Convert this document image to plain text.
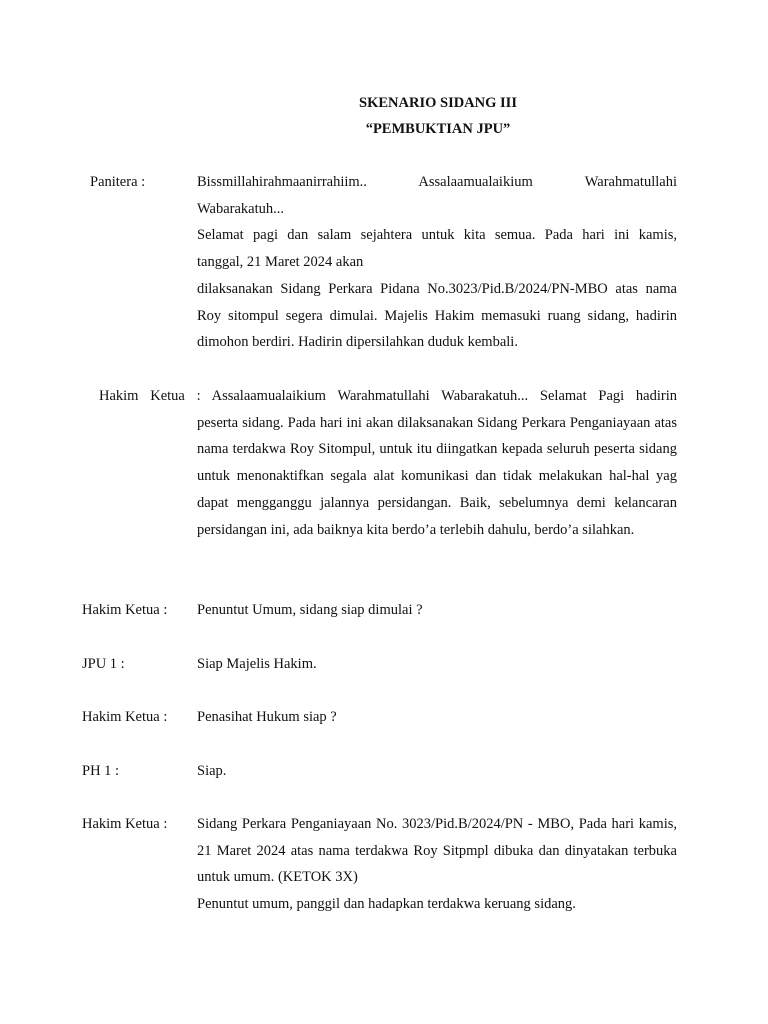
SKENARIO SIDANG III
“PEMBUKTIAN JPU”
Panitera :	Bissmillahirahmaanirrahiim.. Assalaamualaikium Warahmatullahi

Wabarakatuh...

Selamat pagi dan salam sejahtera untuk kita semua. Pada hari ini kamis,

tanggal, 21 Maret 2024 akan

dilaksanakan Sidang Perkara Pidana No.3023/Pid.B/2024/PN-MBO atas nama Roy sitompul segera dimulai. Majelis Hakim memasuki ruang sidang, hadirin dimohon berdiri. Hadirin dipersilahkan duduk kembali.

Hakim Ketua : Assalaamualaikium Warahmatullahi Wabarakatuh... Selamat Pagi hadirin
peserta sidang. Pada hari ini akan dilaksanakan Sidang Perkara Penganiayaan atas nama terdakwa Roy Sitompul, untuk itu diingatkan kepada seluruh peserta sidang untuk menonaktifkan segala alat komunikasi dan tidak melakukan hal-hal yag dapat mengganggu jalannya persidangan. Baik, sebelumnya demi kelancaran persidangan ini, ada baiknya kita berdo’a terlebih dahulu, berdo’a silahkan.
Hakim Ketua : Penuntut Umum, sidang siap dimulai ?
JPU 1 :	Siap Majelis Hakim.
Hakim Ketua : Penasihat Hukum siap ?
PH 1 :	Siap.
Hakim Ketua : Sidang Perkara Penganiayaan No. 3023/Pid.B/2024/PN - MBO, Pada hari kamis, 21 Maret 2024 atas nama terdakwa Roy Sitpmpl dibuka dan dinyatakan terbuka untuk umum. (KETOK 3X)

Penuntut umum, panggil dan hadapkan terdakwa keruang sidang.
